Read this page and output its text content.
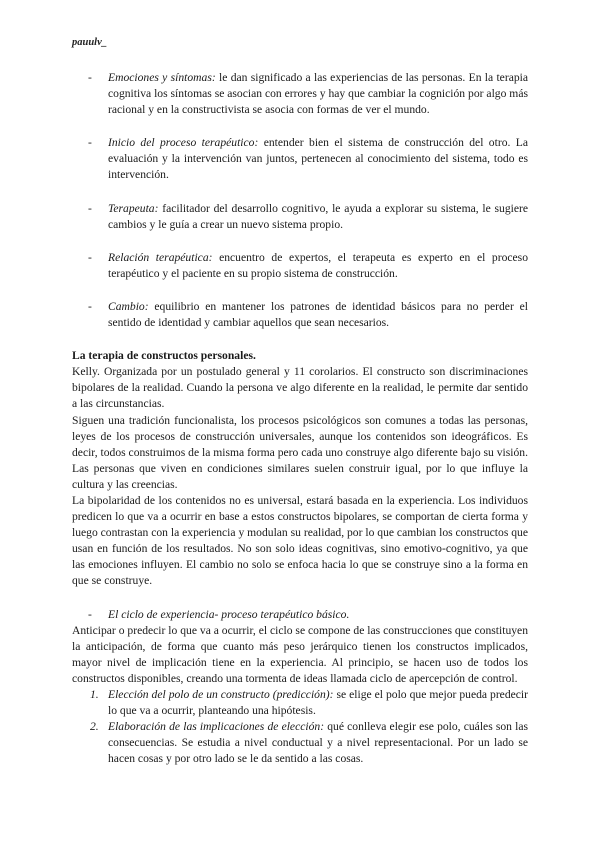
pauulv_
- Emociones y síntomas: le dan significado a las experiencias de las personas. En la terapia cognitiva los síntomas se asocian con errores y hay que cambiar la cognición por algo más racional y en la constructivista se asocia con formas de ver el mundo.
- Inicio del proceso terapéutico: entender bien el sistema de construcción del otro. La evaluación y la intervención van juntos, pertenecen al conocimiento del sistema, todo es intervención.
- Terapeuta: facilitador del desarrollo cognitivo, le ayuda a explorar su sistema, le sugiere cambios y le guía a crear un nuevo sistema propio.
- Relación terapéutica: encuentro de expertos, el terapeuta es experto en el proceso terapéutico y el paciente en su propio sistema de construcción.
- Cambio: equilibrio en mantener los patrones de identidad básicos para no perder el sentido de identidad y cambiar aquellos que sean necesarios.
La terapia de constructos personales.
Kelly. Organizada por un postulado general y 11 corolarios. El constructo son discriminaciones bipolares de la realidad. Cuando la persona ve algo diferente en la realidad, le permite dar sentido a las circunstancias.
Siguen una tradición funcionalista, los procesos psicológicos son comunes a todas las personas, leyes de los procesos de construcción universales, aunque los contenidos son ideográficos. Es decir, todos construimos de la misma forma pero cada uno construye algo diferente bajo su visión. Las personas que viven en condiciones similares suelen construir igual, por lo que influye la cultura y las creencias.
La bipolaridad de los contenidos no es universal, estará basada en la experiencia. Los individuos predicen lo que va a ocurrir en base a estos constructos bipolares, se comportan de cierta forma y luego contrastan con la experiencia y modulan su realidad, por lo que cambian los constructos que usan en función de los resultados. No son solo ideas cognitivas, sino emotivo-cognitivo, ya que las emociones influyen. El cambio no solo se enfoca hacia lo que se construye sino a la forma en que se construye.
- El ciclo de experiencia- proceso terapéutico básico.
Anticipar o predecir lo que va a ocurrir, el ciclo se compone de las construcciones que constituyen la anticipación, de forma que cuanto más peso jerárquico tienen los constructos implicados, mayor nivel de implicación tiene en la experiencia. Al principio, se hacen uso de todos los constructos disponibles, creando una tormenta de ideas llamada ciclo de apercepción de control.
1. Elección del polo de un constructo (predicción): se elige el polo que mejor pueda predecir lo que va a ocurrir, planteando una hipótesis.
2. Elaboración de las implicaciones de elección: qué conlleva elegir ese polo, cuáles son las consecuencias. Se estudia a nivel conductual y a nivel representacional. Por un lado se hacen cosas y por otro lado se le da sentido a las cosas.
